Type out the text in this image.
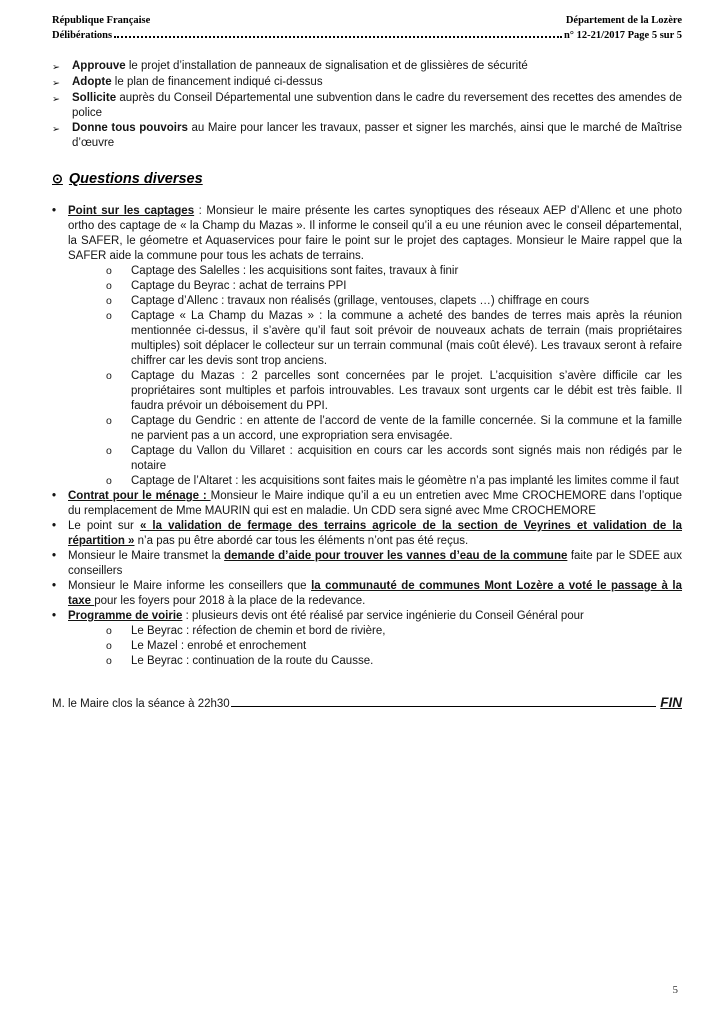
République Française	Département de la Lozère
Délibérations	n° 12-21/2017 Page 5 sur 5
➢	Approuve le projet d’installation de panneaux de signalisation et de glissières de sécurité
➢	Adopte le plan de financement indiqué ci-dessus
➢	Sollicite auprès du Conseil Départemental une subvention dans le cadre du reversement des recettes des amendes de police
➢	Donne tous pouvoirs au Maire pour lancer les travaux, passer et signer les marchés, ainsi que le marché de Maîtrise d’œuvre
⊙ Questions diverses
•	Point sur les captages : Monsieur le maire présente les cartes synoptiques des réseaux AEP d’Allenc et une photo ortho des captage de « la Champ du Mazas ». Il informe le conseil qu’il a eu une réunion avec le conseil départemental, la SAFER, le géometre et Aquaservices pour faire le point sur le projet des captages. Monsieur le Maire rappel que la SAFER aide la commune pour tous les achats de terrains.
o	Captage des Salelles : les acquisitions sont faites, travaux à finir
o	Captage du Beyrac : achat de terrains PPI
o	Captage d’Allenc : travaux non réalisés (grillage, ventouses, clapets …) chiffrage en cours
o	Captage « La Champ du Mazas » : la commune a acheté des bandes de terres mais après la réunion mentionnée ci-dessus, il s’avère qu’il faut soit prévoir de nouveaux achats de terrain (mais propriétaires multiples) soit déplacer le collecteur sur un terrain communal (mais coût élevé). Les travaux seront à refaire chiffrer car les devis sont trop anciens.
o	Captage du Mazas : 2 parcelles sont concernées par le projet. L’acquisition s’avère difficile car les propriétaires sont multiples et parfois introuvables. Les travaux sont urgents car le débit est très faible. Il faudra prévoir un déboisement du PPI.
o	Captage du Gendric : en attente de l’accord de vente de la famille concernée. Si la commune et la famille ne parvient pas a un accord, une expropriation sera envisagée.
o	Captage du Vallon du Villaret : acquisition en cours car les accords sont signés mais non rédigés par le notaire
o	Captage de l’Altaret : les acquisitions sont faites mais le géomètre n’a pas implanté les limites comme il faut
•	Contrat pour le ménage : Monsieur le Maire indique qu’il a eu un entretien avec Mme CROCHEMORE dans l’optique du remplacement de Mme MAURIN qui est en maladie. Un CDD sera signé avec Mme CROCHEMORE
•	Le point sur « la validation de fermage des terrains agricole de la section de Veyrines et validation de la répartition » n’a pas pu être abordé car tous les éléments n’ont pas été reçus.
•	Monsieur le Maire transmet la demande d’aide pour trouver les vannes d’eau de la commune faite par le SDEE aux conseillers
•	Monsieur le Maire informe les conseillers que la communauté de communes Mont Lozère a voté le passage à la taxe pour les foyers pour 2018 à la place de la redevance.
•	Programme de voirie : plusieurs devis ont été réalisé par service ingénierie du Conseil Général pour
o	Le Beyrac : réfection de chemin et bord de rivière,
o	Le Mazel : enrobé et enrochement
o	Le Beyrac : continuation de la route du Causse.
M. le Maire clos la séance à 22h30	FIN
5
